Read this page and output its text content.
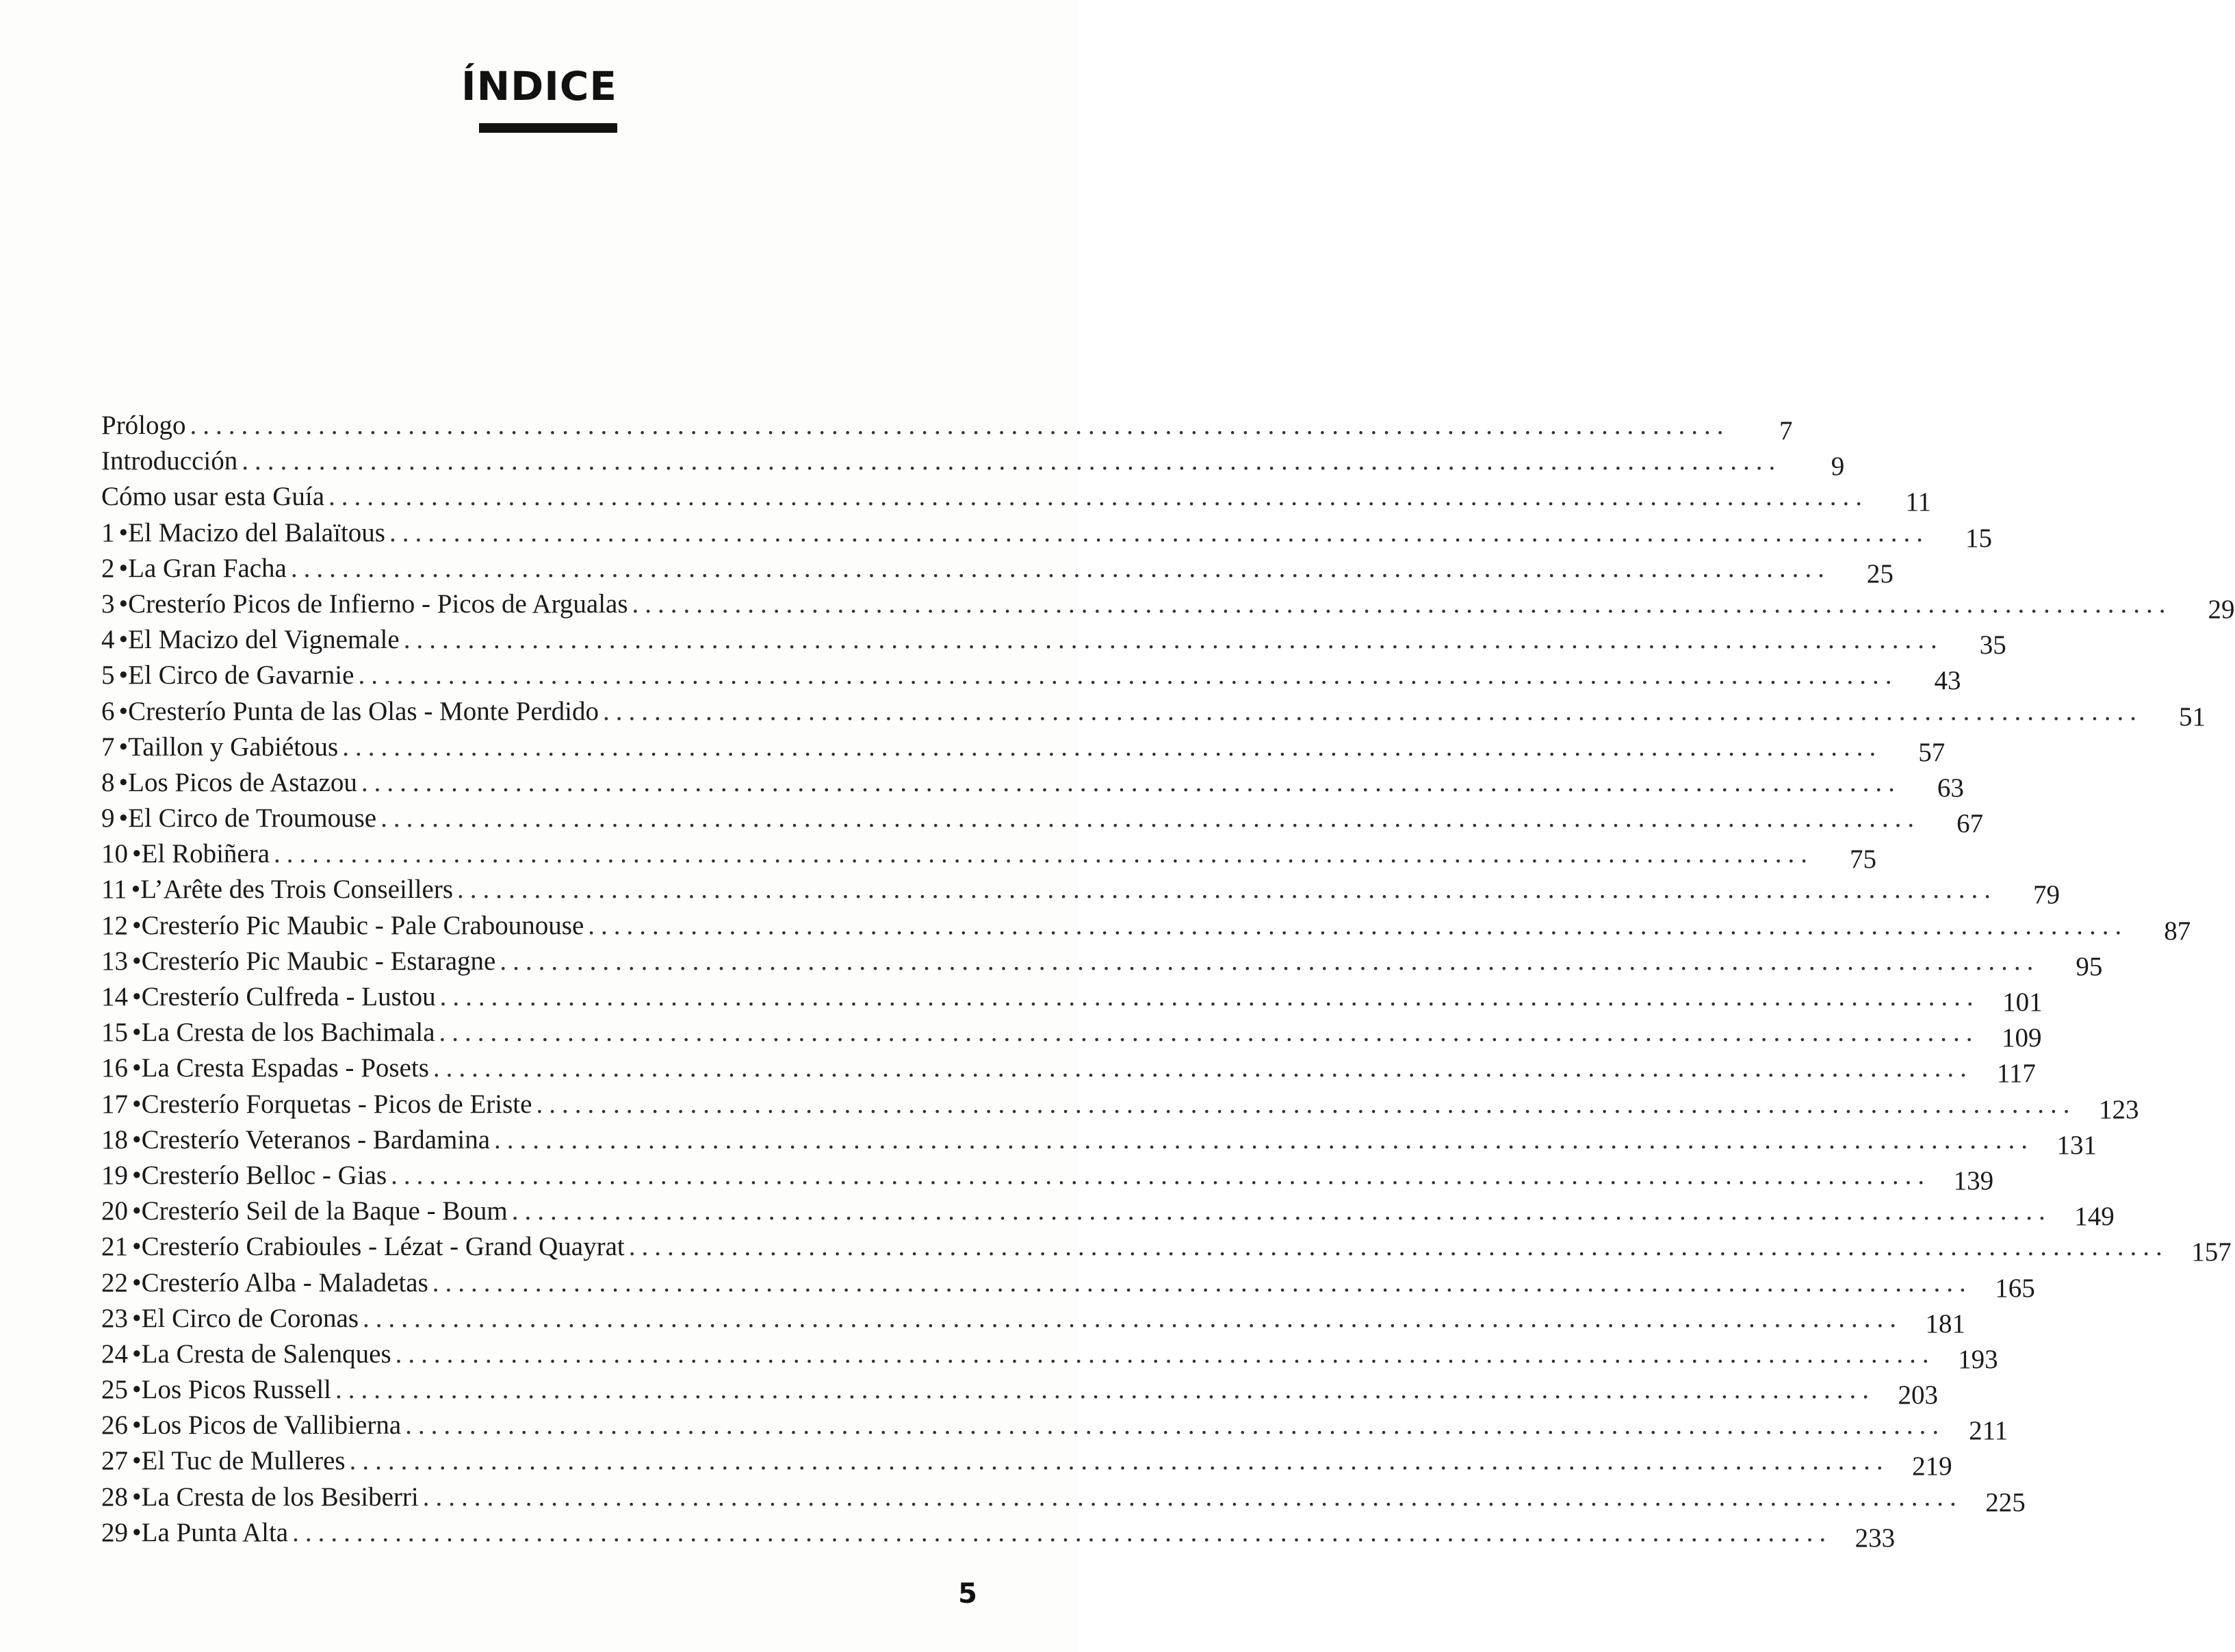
ÍNDICE
Prólogo ........................................................................................................................	7
Introducción ........................................................................................................................	9
Cómo usar esta Guía ........................................................................................................................	11
1 • El Macizo del Balaïtous ........................................................................................................................	15
2 • La Gran Facha ........................................................................................................................	25
3 • Cresterío Picos de Infierno - Picos de Argualas ........................................................................................................................	29
4 • El Macizo del Vignemale ........................................................................................................................	35
5 • El Circo de Gavarnie ........................................................................................................................	43
6 • Cresterío Punta de las Olas - Monte Perdido ........................................................................................................................	51
7 • Taillon y Gabiétous ........................................................................................................................	57
8 • Los Picos de Astazou ........................................................................................................................	63
9 • El Circo de Troumouse ........................................................................................................................	67
10 • El Robiñera ........................................................................................................................	75
11 • L’Arête des Trois Conseillers ........................................................................................................................	79
12 • Cresterío Pic Maubic - Pale Crabounouse ........................................................................................................................	87
13 • Cresterío Pic Maubic - Estaragne ........................................................................................................................	95
14 • Cresterío Culfreda - Lustou ........................................................................................................................ 101
15 • La Cresta de los Bachimala ........................................................................................................................ 109
16 • La Cresta Espadas - Posets ........................................................................................................................ 117
17 • Cresterío Forquetas - Picos de Eriste ........................................................................................................................ 123
18 • Cresterío Veteranos - Bardamina ........................................................................................................................ 131
19 • Cresterío Belloc - Gias ........................................................................................................................ 139
20 • Cresterío Seil de la Baque - Boum ........................................................................................................................ 149
21 • Cresterío Crabioules - Lézat - Grand Quayrat ........................................................................................................................ 157
22 • Cresterío Alba - Maladetas ........................................................................................................................ 165
23 • El Circo de Coronas ........................................................................................................................ 181
24 • La Cresta de Salenques ........................................................................................................................ 193
25 • Los Picos Russell ........................................................................................................................ 203
26 • Los Picos de Vallibierna ........................................................................................................................ 211
27 • El Tuc de Mulleres ........................................................................................................................ 219
28 • La Cresta de los Besiberri ........................................................................................................................ 225
29 • La Punta Alta ........................................................................................................................ 233
5
